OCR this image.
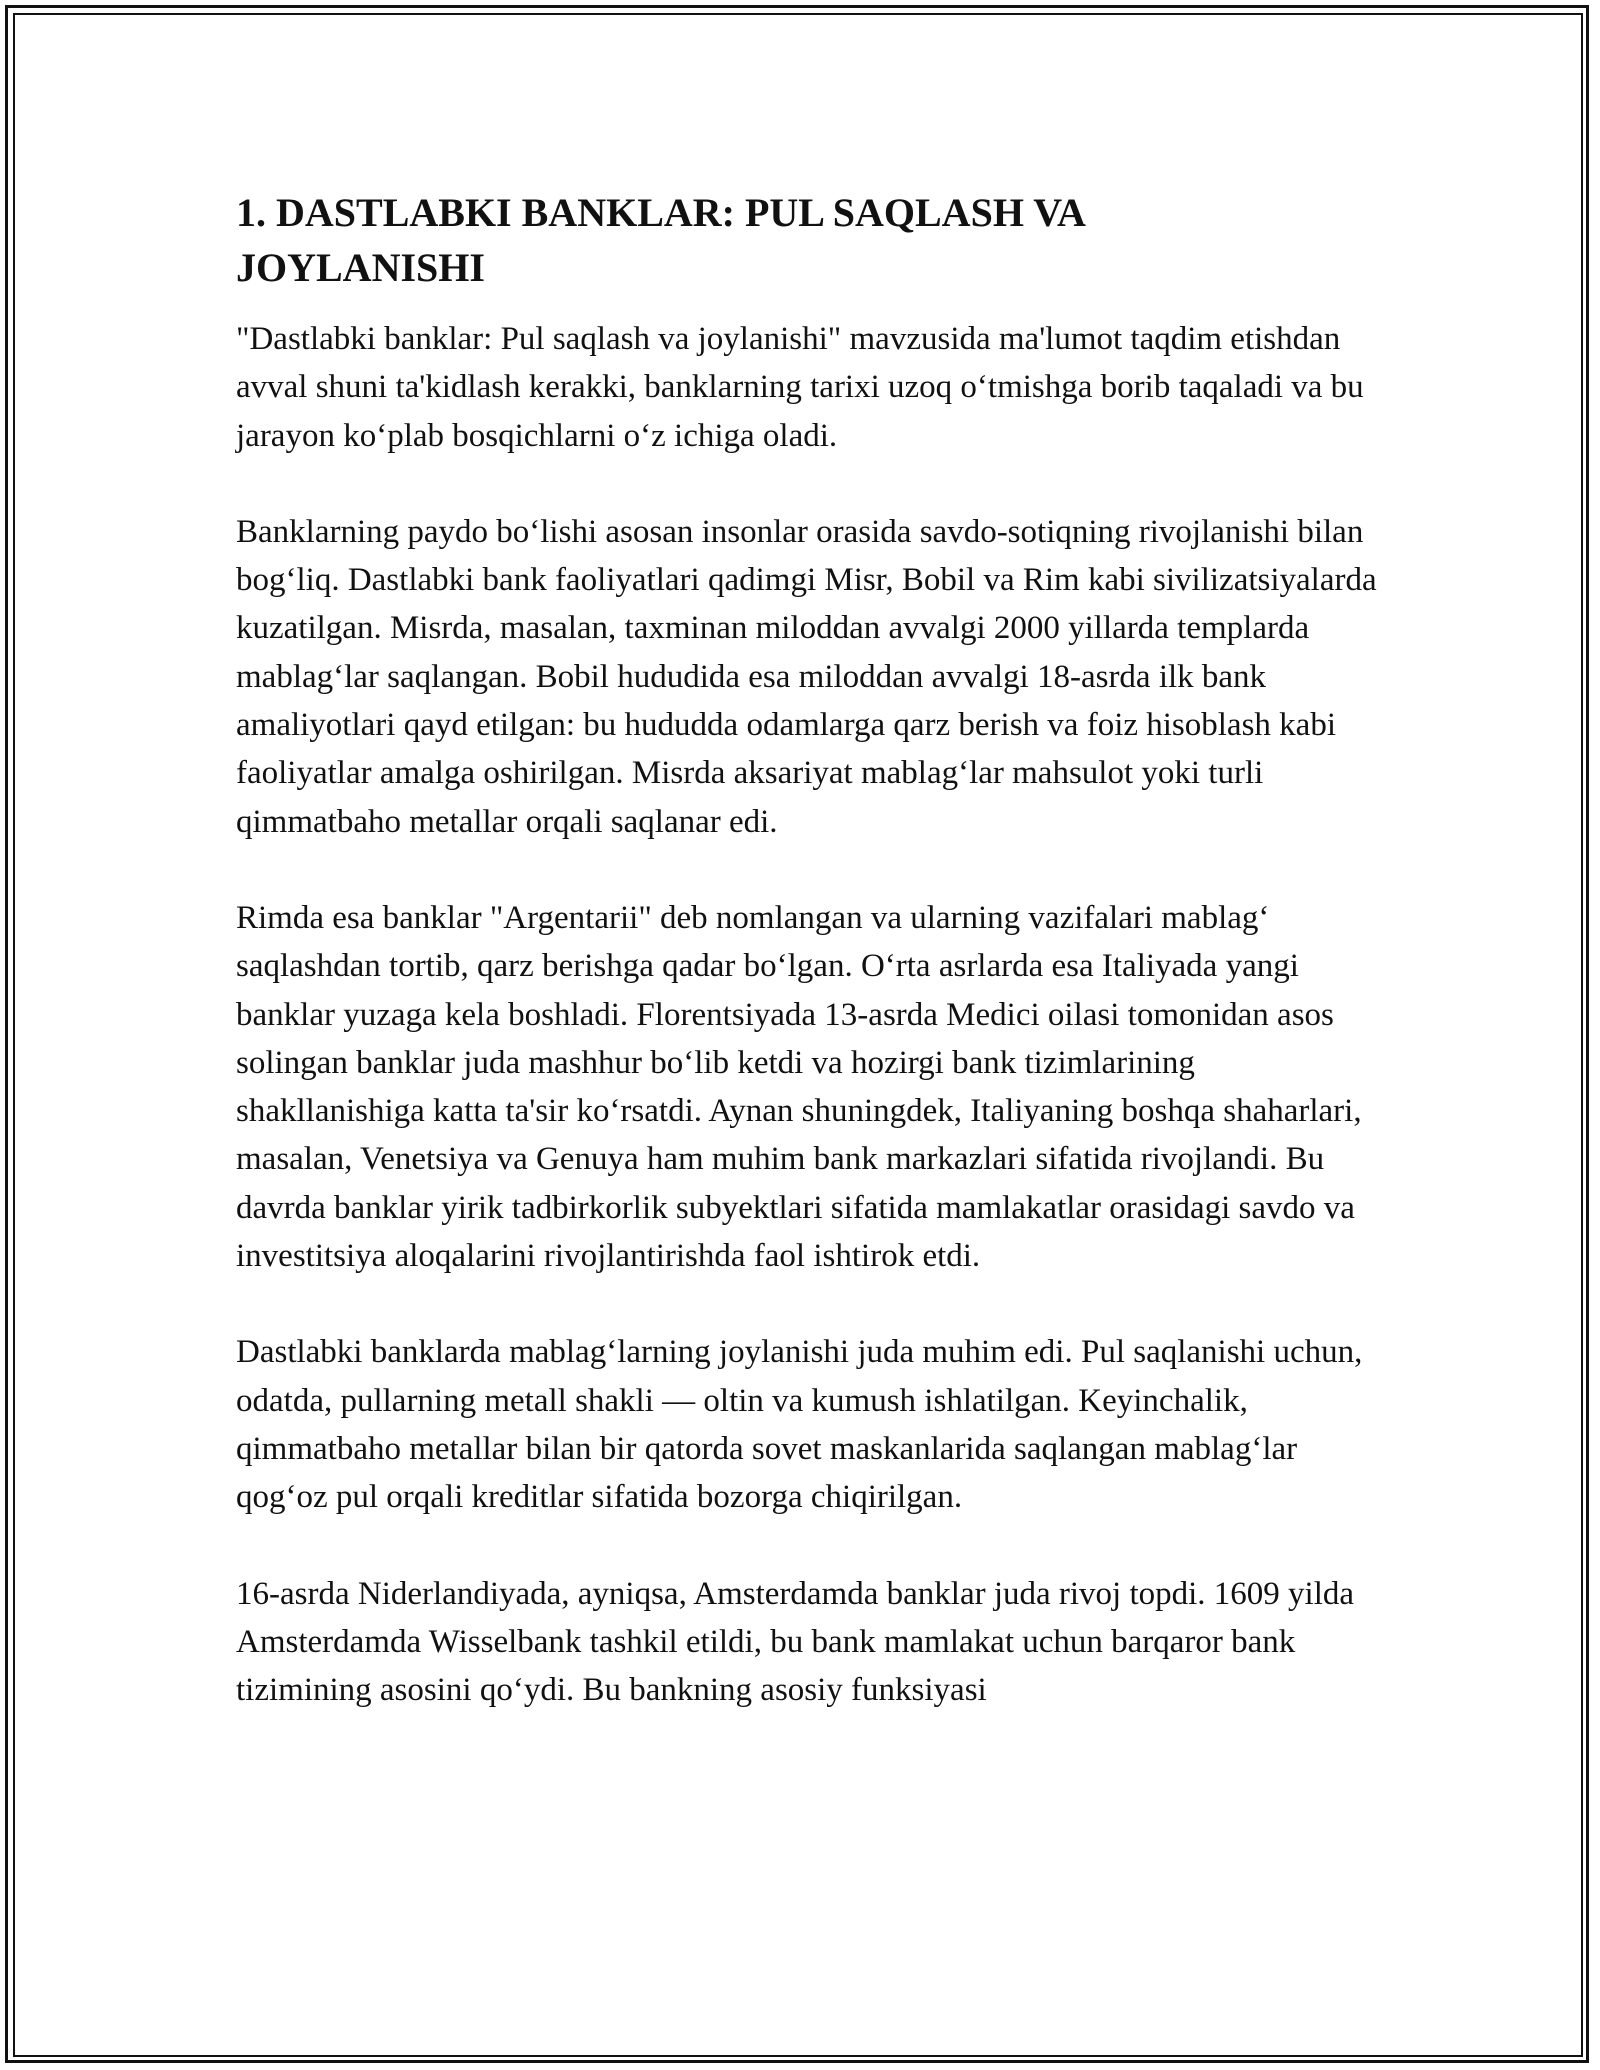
1. DASTLABKI BANKLAR: PUL SAQLASH VA
JOYLANISHI

"Dastlabki banklar: Pul saqlash va joylanishi" mavzusida ma'lumot taqdim etishdan avval shuni ta'kidlash kerakki, banklarning tarixi uzoq o‘tmishga borib taqaladi va bu jarayon ko‘plab bosqichlarni o‘z ichiga oladi.

Banklarning paydo bo‘lishi asosan insonlar orasida savdo-sotiqning rivojlanishi bilan bog‘liq. Dastlabki bank faoliyatlari qadimgi Misr, Bobil va Rim kabi sivilizatsiyalarda kuzatilgan. Misrda, masalan, taxminan miloddan avvalgi 2000 yillarda templarda mablag‘lar saqlangan. Bobil hududida esa miloddan avvalgi 18-asrda ilk bank amaliyotlari qayd etilgan: bu hududda odamlarga qarz berish va foiz hisoblash kabi faoliyatlar amalga oshirilgan. Misrda aksariyat mablag‘lar mahsulot yoki turli qimmatbaho metallar orqali saqlanar edi.

Rimda esa banklar "Argentarii" deb nomlangan va ularning vazifalari mablag‘ saqlashdan tortib, qarz berishga qadar bo‘lgan. O‘rta asrlarda esa Italiyada yangi banklar yuzaga kela boshladi. Florentsiyada 13-asrda Medici oilasi tomonidan asos solingan banklar juda mashhur bo‘lib ketdi va hozirgi bank tizimlarining shakllanishiga katta ta'sir ko‘rsatdi. Aynan shuningdek, Italiyaning boshqa shaharlari, masalan, Venetsiya va Genuya ham muhim bank markazlari sifatida rivojlandi. Bu davrda banklar yirik tadbirkorlik subyektlari sifatida mamlakatlar orasidagi savdo va investitsiya aloqalarini rivojlantirishda faol ishtirok etdi.

Dastlabki banklarda mablag‘larning joylanishi juda muhim edi. Pul saqlanishi uchun, odatda, pullarning metall shakli — oltin va kumush ishlatilgan. Keyinchalik, qimmatbaho metallar bilan bir qatorda sovet maskanlarida saqlangan mablag‘lar qog‘oz pul orqali kreditlar sifatida bozorga chiqirilgan.

16-asrda Niderlandiyada, ayniqsa, Amsterdamda banklar juda rivoj topdi. 1609 yilda Amsterdamda Wisselbank tashkil etildi, bu bank mamlakat uchun barqaror bank tizimining asosini qo‘ydi. Bu bankning asosiy funksiyasi
